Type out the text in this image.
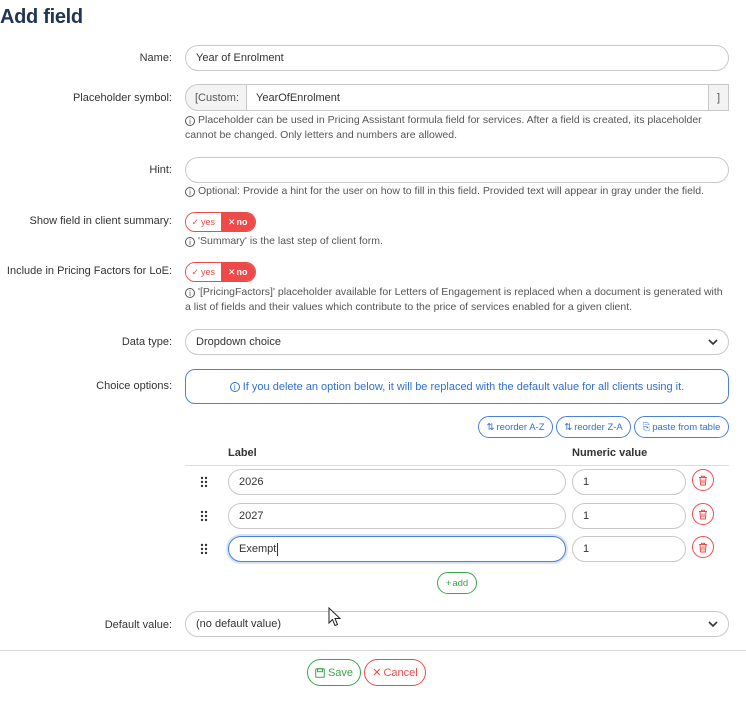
Add field
Name: Year of Enrolment
Placeholder symbol:	[Custom:	YearOfEnrolment	]
i Placeholder can be used in Pricing Assistant formula field for services. After a field is created, its placeholder cannot be changed. Only letters and numbers are allowed.
Hint:
i Optional: Provide a hint for the user on how to fill in this field. Provided text will appear in gray under the field.
Show field in client summary: ✓ yes ✕ no
i 'Summary' is the last step of client form.
Include in Pricing Factors for LoE: ✓ yes ✕ no
i '[PricingFactors]' placeholder available for Letters of Engagement is replaced when a document is generated with a list of fields and their values which contribute to the price of services enabled for a given client.
Data type: Dropdown choice
Choice options:	i If you delete an option below, it will be replaced with the default value for all clients using it.
⇅ reorder A-Z ⇅ reorder Z-A ⎘ paste from table
Label	Numeric value
2026	1
2027	1
Exempt	1
+ add
Default value: (no default value)
Save ✕ Cancel
